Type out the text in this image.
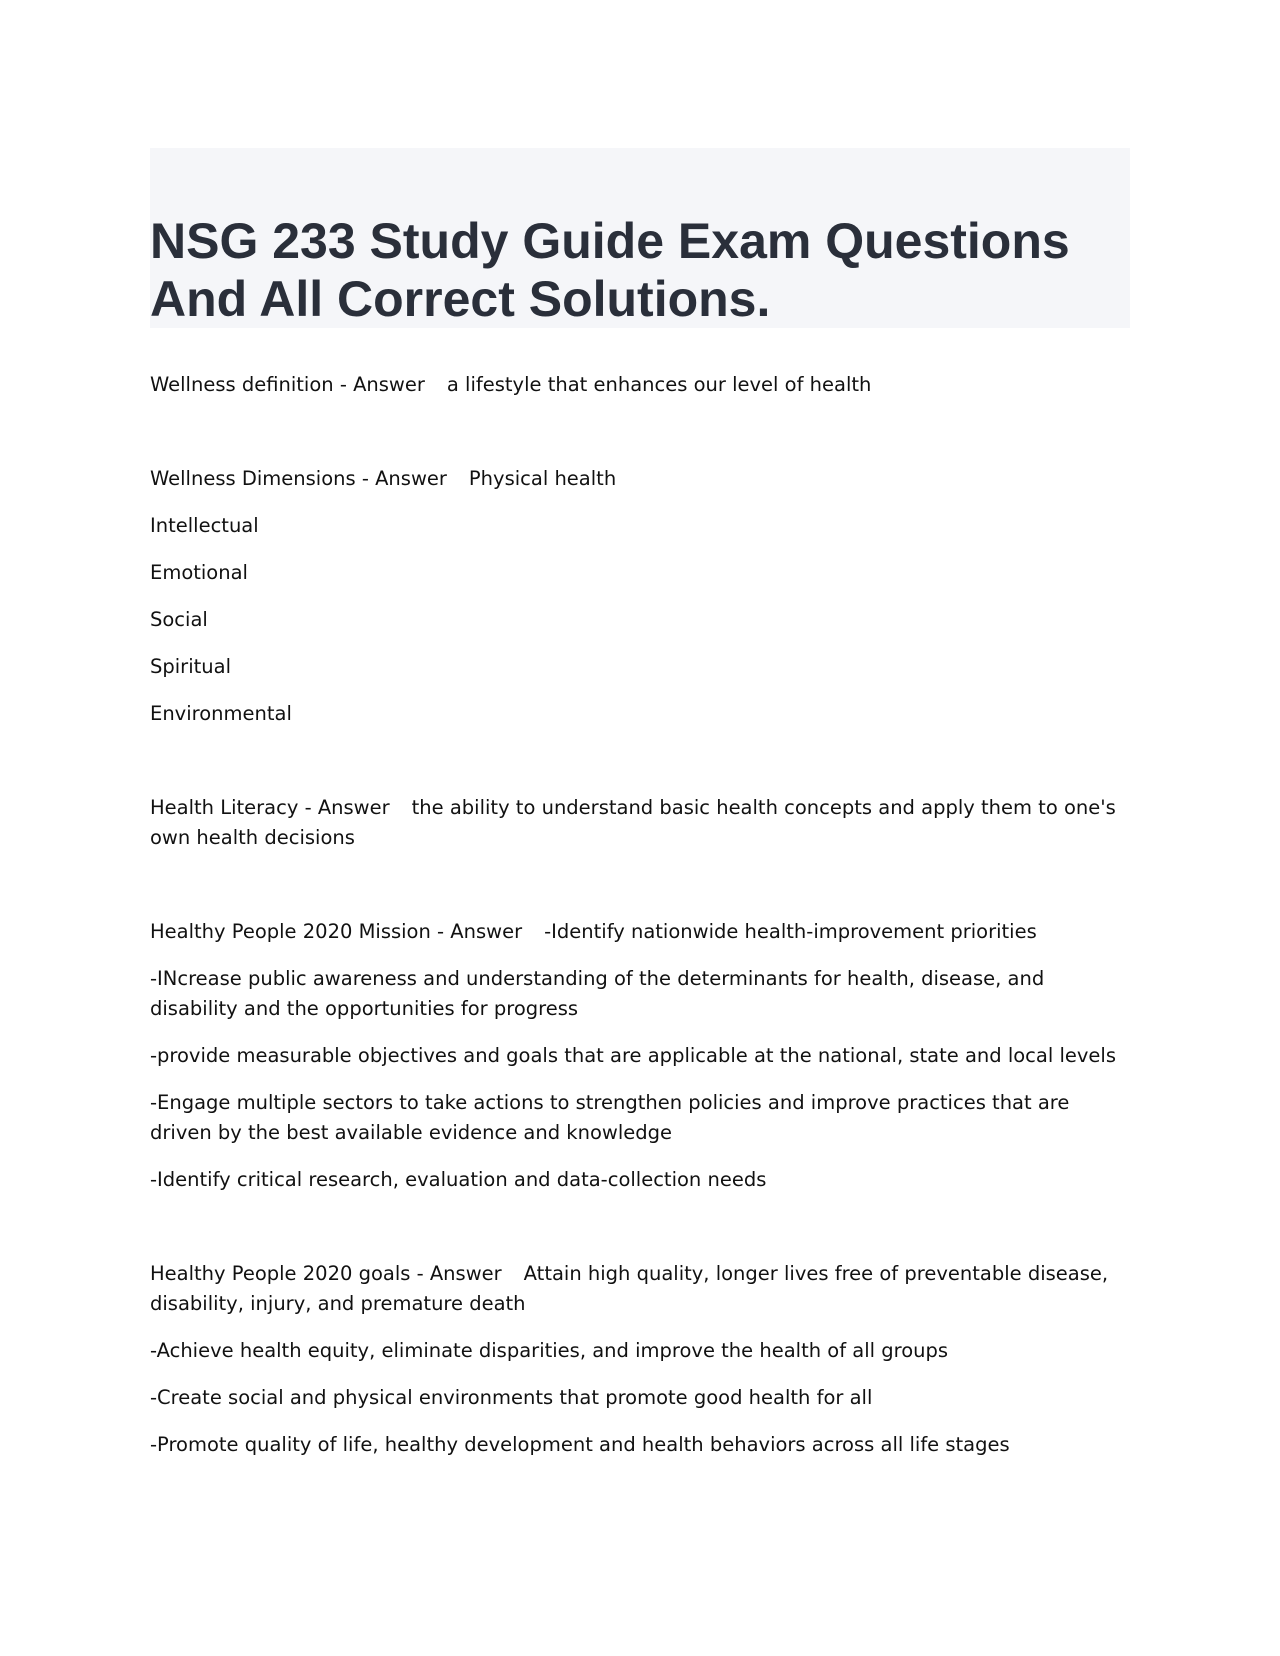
NSG 233 Study Guide Exam Questions
And All Correct Solutions.

Wellness definition - Answer a lifestyle that enhances our level of health

Wellness Dimensions - Answer Physical health

Intellectual

Emotional

Social

Spiritual

Environmental

Health Literacy - Answer the ability to understand basic health concepts and apply them to one's own health decisions

Healthy People 2020 Mission - Answer -Identify nationwide health-improvement priorities

-INcrease public awareness and understanding of the determinants for health, disease, and disability and the opportunities for progress

-provide measurable objectives and goals that are applicable at the national, state and local levels

-Engage multiple sectors to take actions to strengthen policies and improve practices that are driven by the best available evidence and knowledge

-Identify critical research, evaluation and data-collection needs

Healthy People 2020 goals - Answer Attain high quality, longer lives free of preventable disease, disability, injury, and premature death

-Achieve health equity, eliminate disparities, and improve the health of all groups

-Create social and physical environments that promote good health for all

-Promote quality of life, healthy development and health behaviors across all life stages
